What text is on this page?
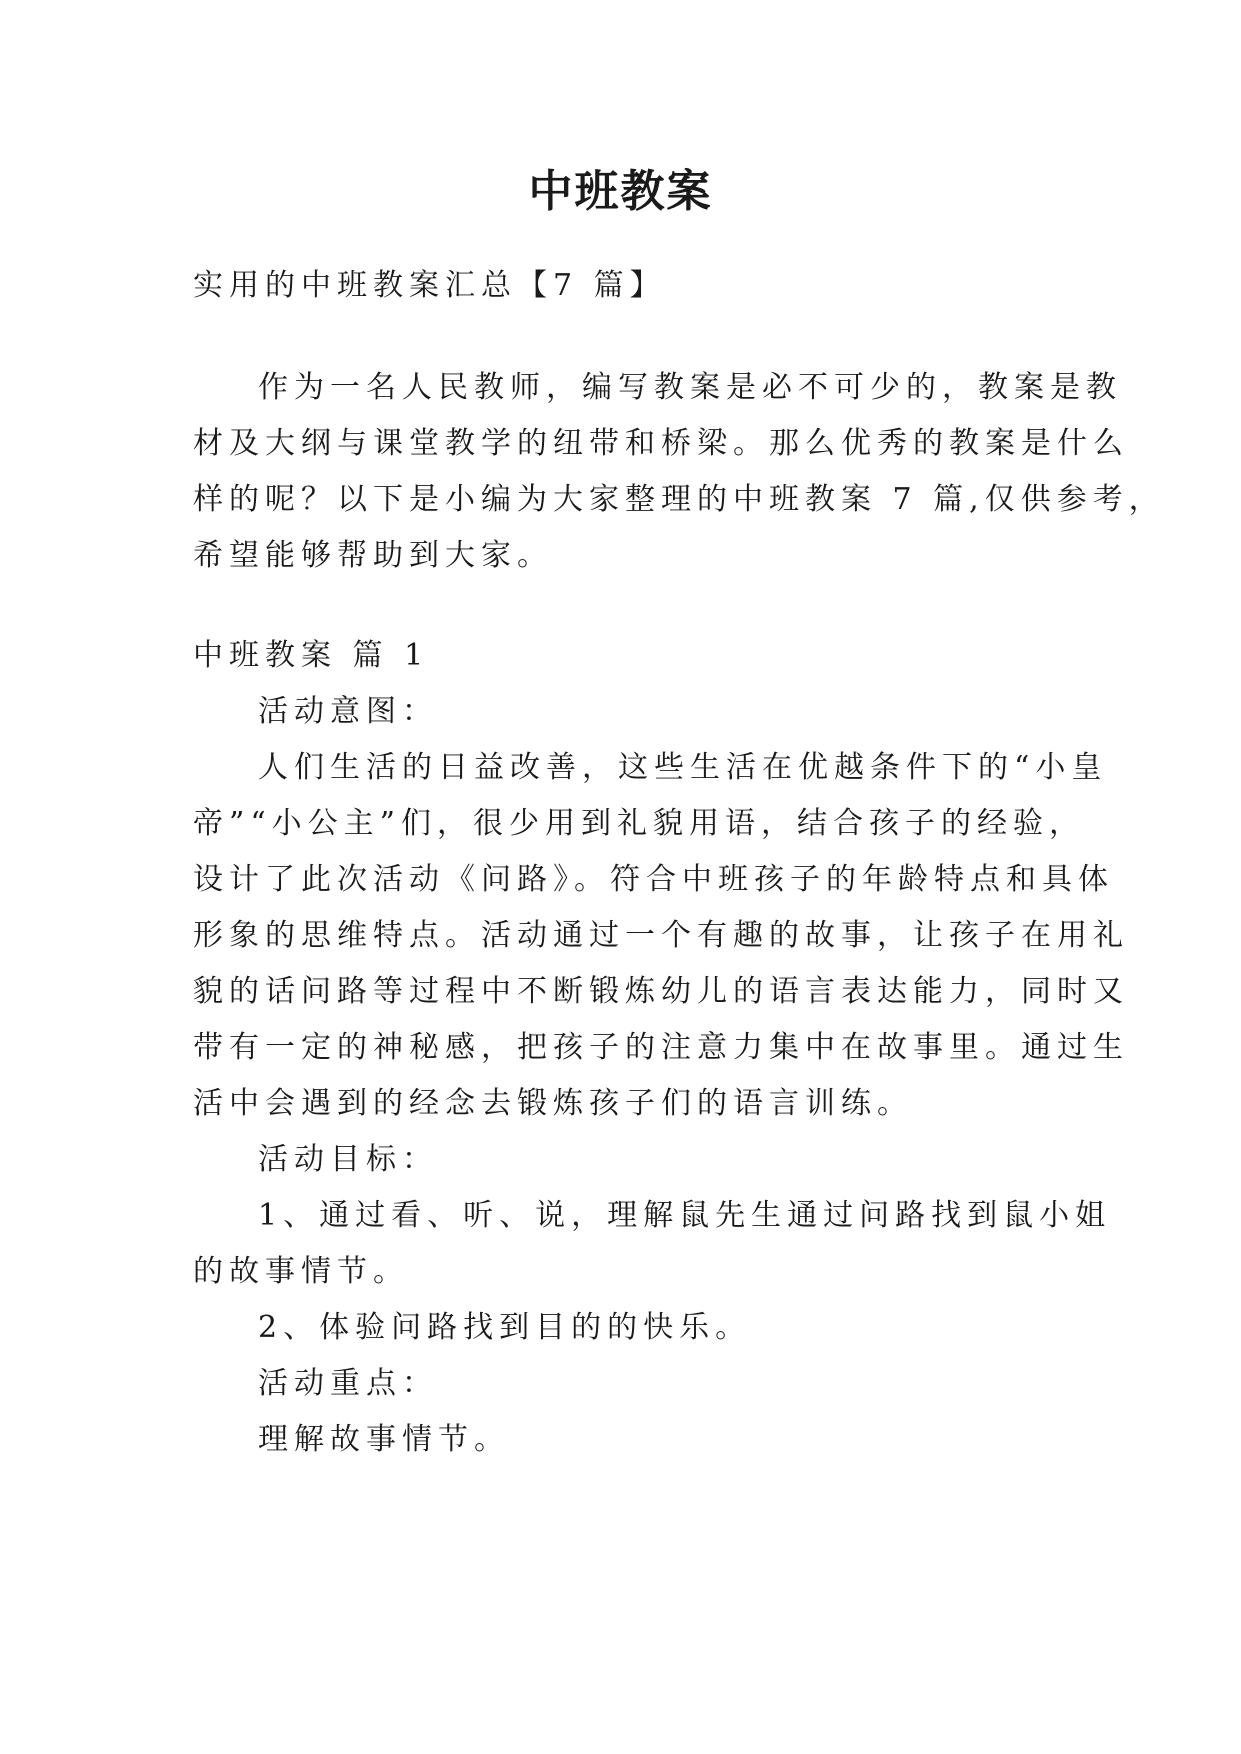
中班教案
实用的中班教案汇总【7 篇】
作为一名人民教师，编写教案是必不可少的，教案是教
材及大纲与课堂教学的纽带和桥梁。那么优秀的教案是什么
样的呢？以下是小编为大家整理的中班教案 7 篇,仅供参考，
希望能够帮助到大家。
中班教案 篇 1
活动意图：
人们生活的日益改善，这些生活在优越条件下的“小皇
帝”“小公主”们，很少用到礼貌用语，结合孩子的经验，
设计了此次活动《问路》。符合中班孩子的年龄特点和具体
形象的思维特点。活动通过一个有趣的故事，让孩子在用礼
貌的话问路等过程中不断锻炼幼儿的语言表达能力，同时又
带有一定的神秘感，把孩子的注意力集中在故事里。通过生
活中会遇到的经念去锻炼孩子们的语言训练。
活动目标：
1、通过看、听、说，理解鼠先生通过问路找到鼠小姐
的故事情节。
2、体验问路找到目的的快乐。
活动重点：
理解故事情节。
